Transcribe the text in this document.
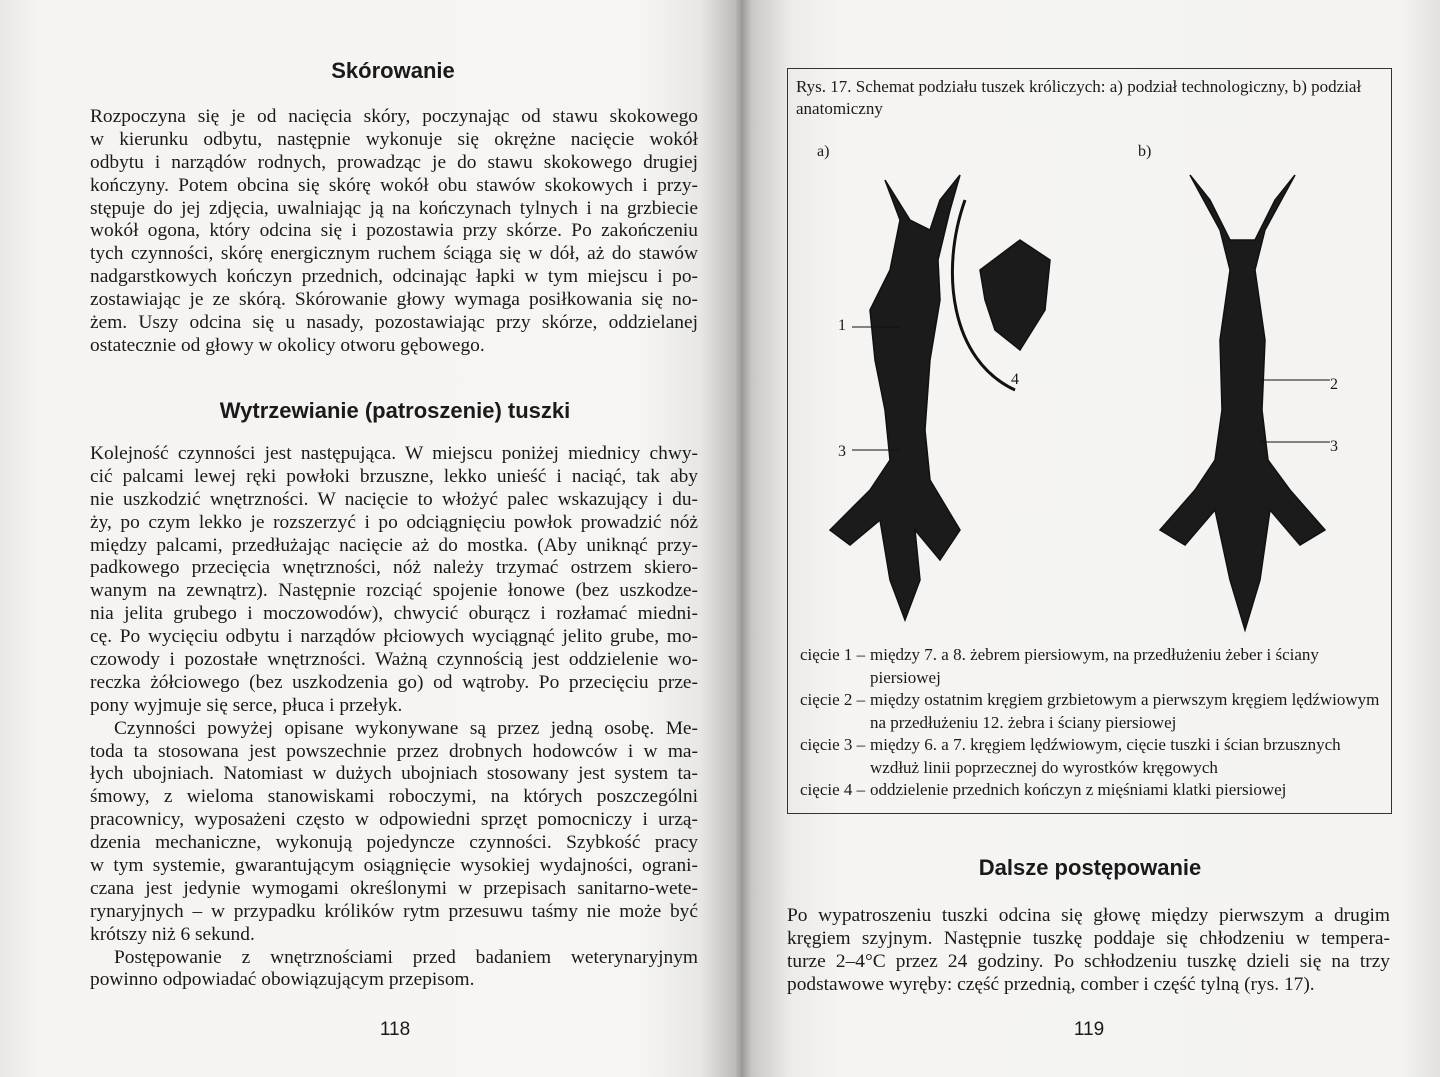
Skórowanie
Rozpoczyna się je od nacięcia skóry, poczynając od stawu skokowego
w kierunku odbytu, następnie wykonuje się okrężne nacięcie wokół
odbytu i narządów rodnych, prowadząc je do stawu skokowego drugiej
kończyny. Potem obcina się skórę wokół obu stawów skokowych i przy-
stępuje do jej zdjęcia, uwalniając ją na kończynach tylnych i na grzbiecie
wokół ogona, który odcina się i pozostawia przy skórze. Po zakończeniu
tych czynności, skórę energicznym ruchem ściąga się w dół, aż do stawów
nadgarstkowych kończyn przednich, odcinając łapki w tym miejscu i po-
zostawiając je ze skórą. Skórowanie głowy wymaga posiłkowania się no-
żem. Uszy odcina się u nasady, pozostawiając przy skórze, oddzielanej
ostatecznie od głowy w okolicy otworu gębowego.
Wytrzewianie (patroszenie) tuszki
Kolejność czynności jest następująca. W miejscu poniżej miednicy chwy-
cić palcami lewej ręki powłoki brzuszne, lekko unieść i naciąć, tak aby
nie uszkodzić wnętrzności. W nacięcie to włożyć palec wskazujący i du-
ży, po czym lekko je rozszerzyć i po odciągnięciu powłok prowadzić nóż
między palcami, przedłużając nacięcie aż do mostka. (Aby uniknąć przy-
padkowego przecięcia wnętrzności, nóż należy trzymać ostrzem skiero-
wanym na zewnątrz). Następnie rozciąć spojenie łonowe (bez uszkodze-
nia jelita grubego i moczowodów), chwycić oburącz i rozłamać miedni-
cę. Po wycięciu odbytu i narządów płciowych wyciągnąć jelito grube, mo-
czowody i pozostałe wnętrzności. Ważną czynnością jest oddzielenie wo-
reczka żółciowego (bez uszkodzenia go) od wątroby. Po przecięciu prze-
pony wyjmuje się serce, płuca i przełyk.
Czynności powyżej opisane wykonywane są przez jedną osobę. Me-
toda ta stosowana jest powszechnie przez drobnych hodowców i w ma-
łych ubojniach. Natomiast w dużych ubojniach stosowany jest system ta-
śmowy, z wieloma stanowiskami roboczymi, na których poszczególni
pracownicy, wyposażeni często w odpowiedni sprzęt pomocniczy i urzą-
dzenia mechaniczne, wykonują pojedyncze czynności. Szybkość pracy
w tym systemie, gwarantującym osiągnięcie wysokiej wydajności, ograni-
czana jest jedynie wymogami określonymi w przepisach sanitarno-wete-
rynaryjnych – w przypadku królików rytm przesuwu taśmy nie może być
krótszy niż 6 sekund.
Postępowanie z wnętrznościami przed badaniem weterynaryjnym
powinno odpowiadać obowiązującym przepisom.
118
Rys. 17. Schemat podziału tuszek króliczych: a) podział technologiczny, b) podział anatomiczny
a)	b)
1
4	2
3
3
cięcie 1 – między 7. a 8. żebrem piersiowym, na przedłużeniu żeber i ściany piersiowej
cięcie 2 – między ostatnim kręgiem grzbietowym a pierwszym kręgiem lędźwiowym na przedłużeniu 12. żebra i ściany piersiowej
cięcie 3 – między 6. a 7. kręgiem lędźwiowym, cięcie tuszki i ścian brzusznych wzdłuż linii poprzecznej do wyrostków kręgowych
cięcie 4 – oddzielenie przednich kończyn z mięśniami klatki piersiowej
Dalsze postępowanie
Po wypatroszeniu tuszki odcina się głowę między pierwszym a drugim
kręgiem szyjnym. Następnie tuszkę poddaje się chłodzeniu w tempera-
turze 2–4°C przez 24 godziny. Po schłodzeniu tuszkę dzieli się na trzy
podstawowe wyręby: część przednią, comber i część tylną (rys. 17).
119
